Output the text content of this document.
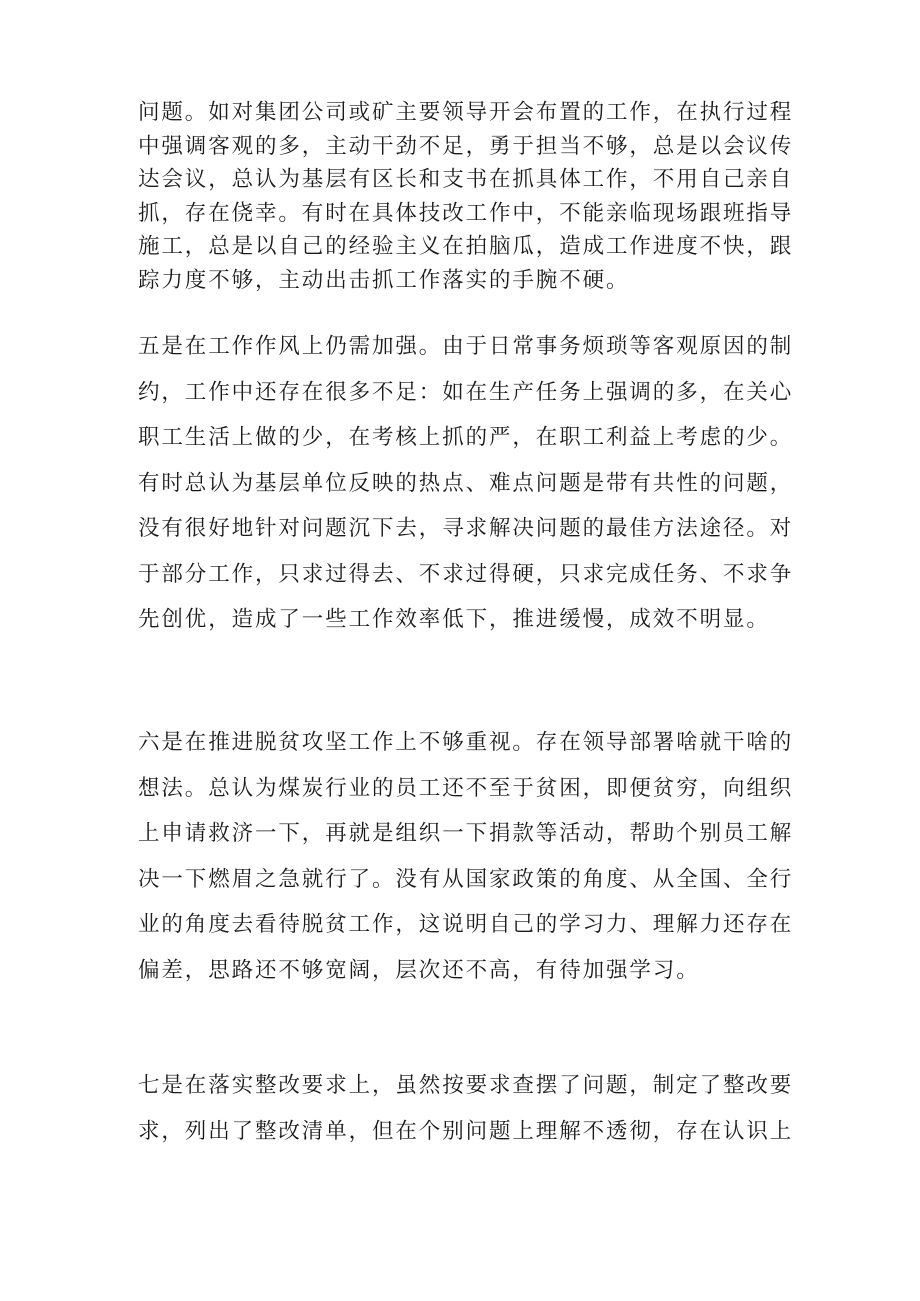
问题。如对集团公司或矿主要领导开会布置的工作，在执行过程
中强调客观的多，主动干劲不足，勇于担当不够，总是以会议传
达会议，总认为基层有区长和支书在抓具体工作，不用自己亲自
抓，存在侥幸。有时在具体技改工作中，不能亲临现场跟班指导
施工，总是以自己的经验主义在拍脑瓜，造成工作进度不快，跟
踪力度不够，主动出击抓工作落实的手腕不硬。

五是在工作作风上仍需加强。由于日常事务烦琐等客观原因的制
约，工作中还存在很多不足：如在生产任务上强调的多，在关心
职工生活上做的少，在考核上抓的严，在职工利益上考虑的少。
有时总认为基层单位反映的热点、难点问题是带有共性的问题，
没有很好地针对问题沉下去，寻求解决问题的最佳方法途径。对
于部分工作，只求过得去、不求过得硬，只求完成任务、不求争
先创优，造成了一些工作效率低下，推进缓慢，成效不明显。

六是在推进脱贫攻坚工作上不够重视。存在领导部署啥就干啥的
想法。总认为煤炭行业的员工还不至于贫困，即便贫穷，向组织
上申请救济一下，再就是组织一下捐款等活动，帮助个别员工解
决一下燃眉之急就行了。没有从国家政策的角度、从全国、全行
业的角度去看待脱贫工作，这说明自己的学习力、理解力还存在
偏差，思路还不够宽阔，层次还不高，有待加强学习。

七是在落实整改要求上，虽然按要求查摆了问题，制定了整改要
求，列出了整改清单，但在个别问题上理解不透彻，存在认识上
